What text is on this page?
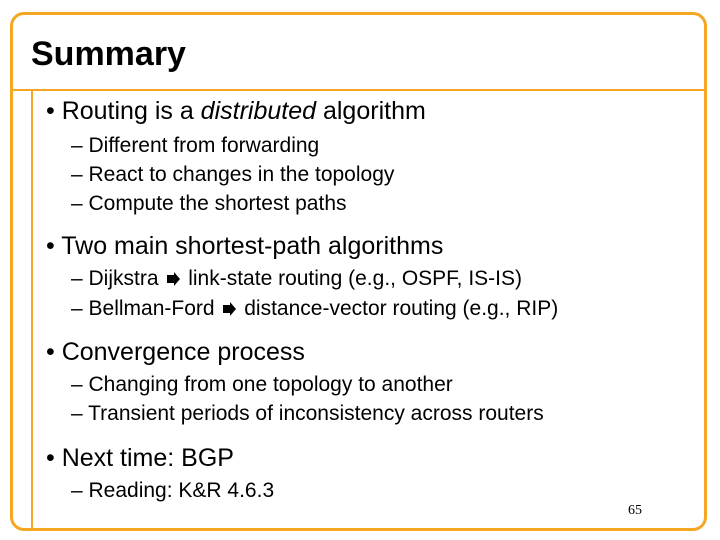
Summary
• Routing is a distributed algorithm
– Different from forwarding
– React to changes in the topology
– Compute the shortest paths
• Two main shortest-path algorithms
– Dijkstra link-state routing (e.g., OSPF, IS-IS)
– Bellman-Ford distance-vector routing (e.g., RIP)
• Convergence process
– Changing from one topology to another
– Transient periods of inconsistency across routers
• Next time: BGP
– Reading: K&R 4.6.3
65
